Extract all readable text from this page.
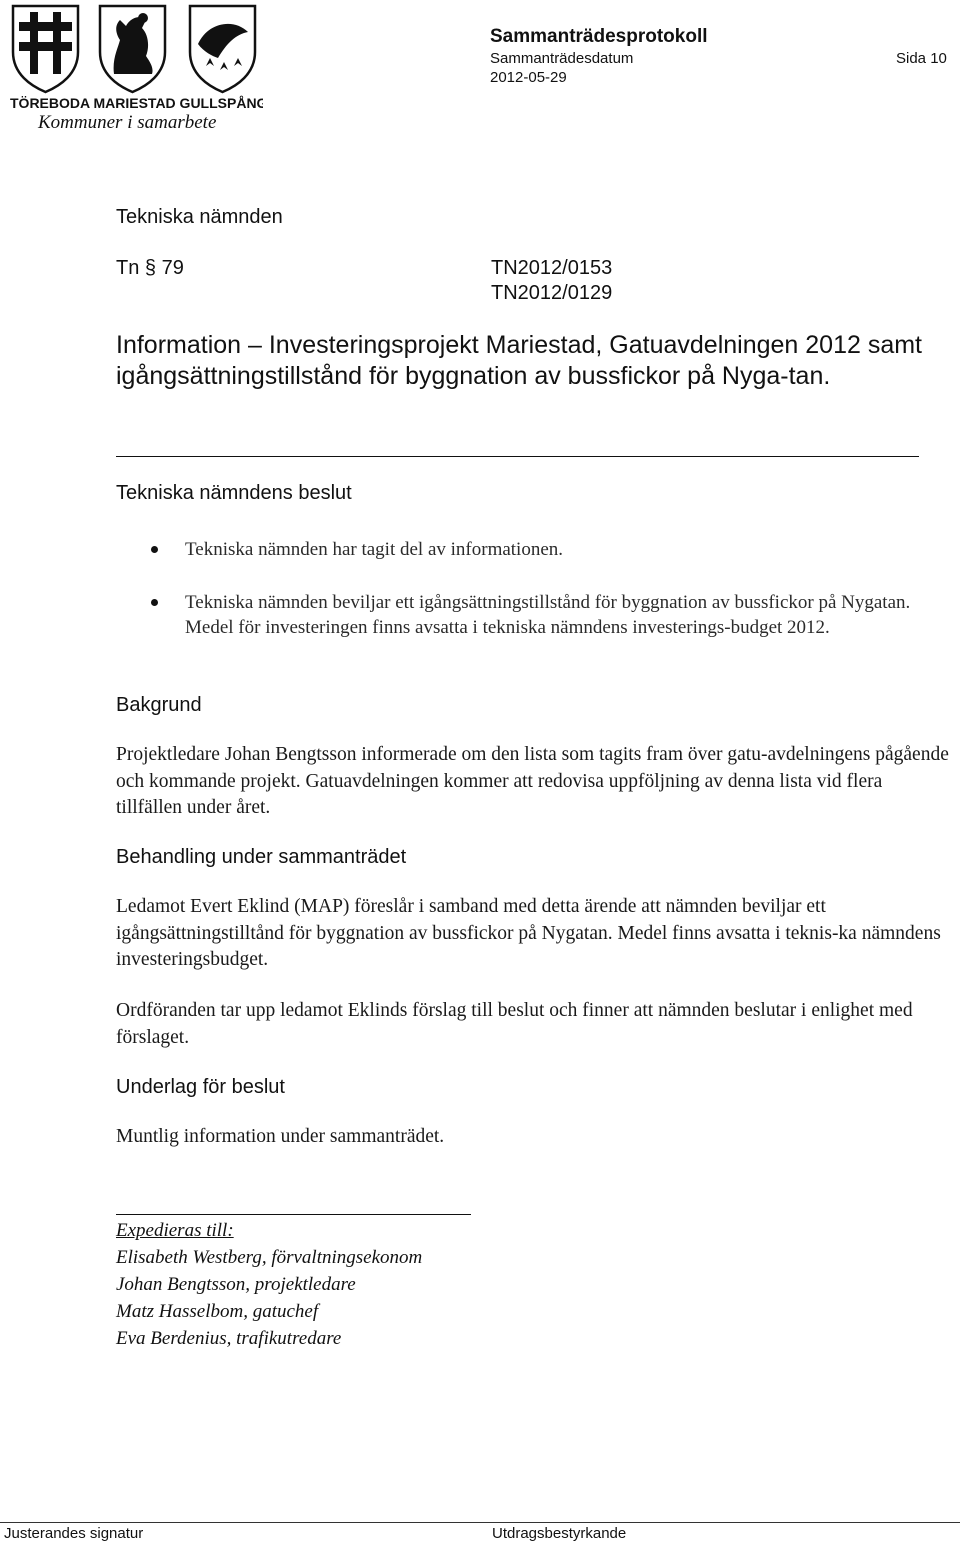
TÖREBODA MARIESTAD GULLSPÅNG
Kommuner i samarbete
Sammanträdesprotokoll
Sammanträdesdatum
2012-05-29
Sida 10
Tekniska nämnden
Tn § 79	TN2012/0153
TN2012/0129
Information – Investeringsprojekt Mariestad, Gatuavdelningen 2012 samt igångsättningstillstånd för byggnation av bussfickor på Nyga-tan.
Tekniska nämndens beslut
Tekniska nämnden har tagit del av informationen.
Tekniska nämnden beviljar ett igångsättningstillstånd för byggnation av bussfickor på Nygatan. Medel för investeringen finns avsatta i tekniska nämndens investerings-budget 2012.
Bakgrund
Projektledare Johan Bengtsson informerade om den lista som tagits fram över gatu-avdelningens pågående och kommande projekt. Gatuavdelningen kommer att redovisa uppföljning av denna lista vid flera tillfällen under året.
Behandling under sammanträdet
Ledamot Evert Eklind (MAP) föreslår i samband med detta ärende att nämnden beviljar ett igångsättningstilltånd för byggnation av bussfickor på Nygatan. Medel finns avsatta i teknis-ka nämndens investeringsbudget.
Ordföranden tar upp ledamot Eklinds förslag till beslut och finner att nämnden beslutar i enlighet med förslaget.
Underlag för beslut
Muntlig information under sammanträdet.
Expedieras till:
Elisabeth Westberg, förvaltningsekonom
Johan Bengtsson, projektledare
Matz Hasselbom, gatuchef
Eva Berdenius, trafikutredare
Justerandes signatur	Utdragsbestyrkande
